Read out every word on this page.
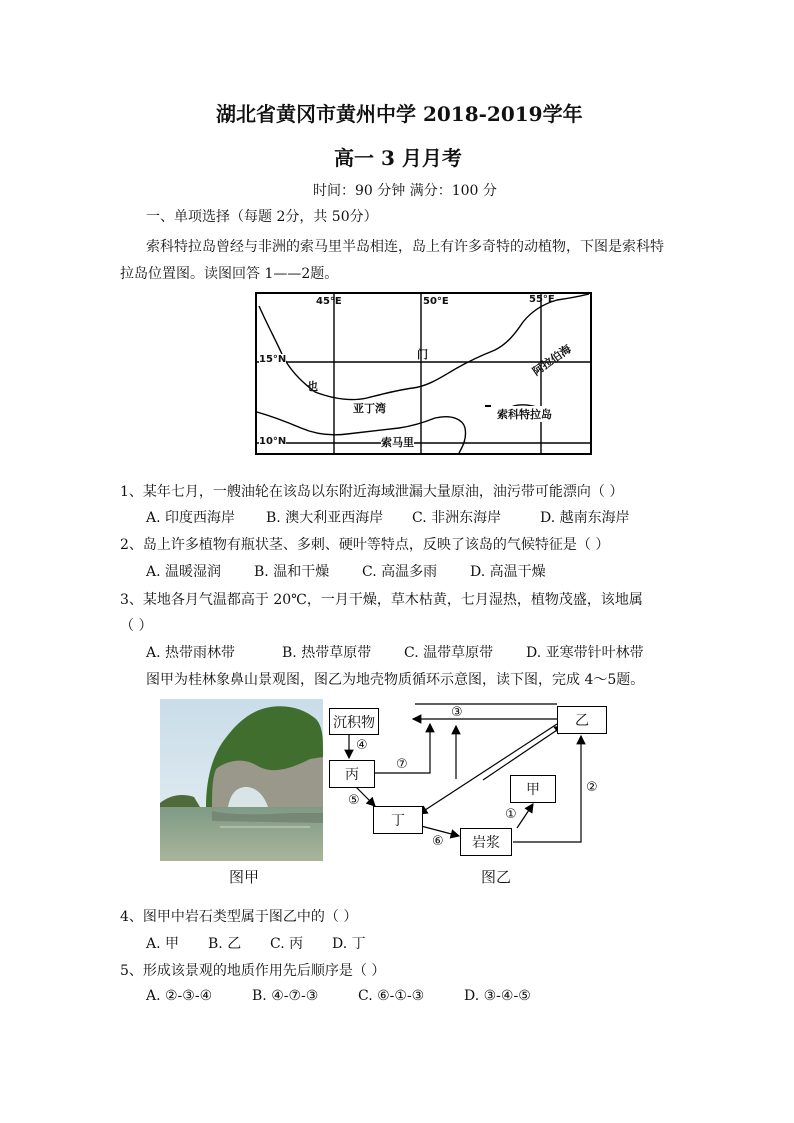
湖北省黄冈市黄州中学 2018-2019学年
高一 3 月月考
时间：90 分钟 满分：100 分
一、单项选择（每题 2分，共 50分）
索科特拉岛曾经与非洲的索马里半岛相连，岛上有许多奇特的动植物，下图是索科特
拉岛位置图。读图回答 1——2题。
45°E	50°E	55°E
15°N
10°N
门
也
亚丁湾
阿拉伯海
索科特拉岛
索马里
1、某年七月，一艘油轮在该岛以东附近海域泄漏大量原油，油污带可能漂向（ ）
A. 印度西海岸 B. 澳大利亚西海岸 C. 非洲东海岸	D. 越南东海岸
2、岛上许多植物有瓶状茎、多刺、硬叶等特点，反映了该岛的气候特征是（ ）
A. 温暖湿润 B. 温和干燥 C. 高温多雨 D. 高温干燥
3、某地各月气温都高于 20℃，一月干燥，草木枯黄，七月湿热，植物茂盛，该地属
（ ）
A. 热带雨林带	B. 热带草原带 C. 温带草原带 D. 亚寒带针叶林带
图甲为桂林象鼻山景观图，图乙为地壳物质循环示意图，读下图，完成 4～5题。
图甲
沉积物	乙
丙
甲
丁
岩浆
③
④
⑦
⑤
⑥
①
②
图乙
4、图甲中岩石类型属于图乙中的（ ）
A. 甲 B. 乙 C. 丙 D. 丁
5、形成该景观的地质作用先后顺序是（ ）
A. ②-③-④	B. ④-⑦-③	C. ⑥-①-③	D. ③-④-⑤
